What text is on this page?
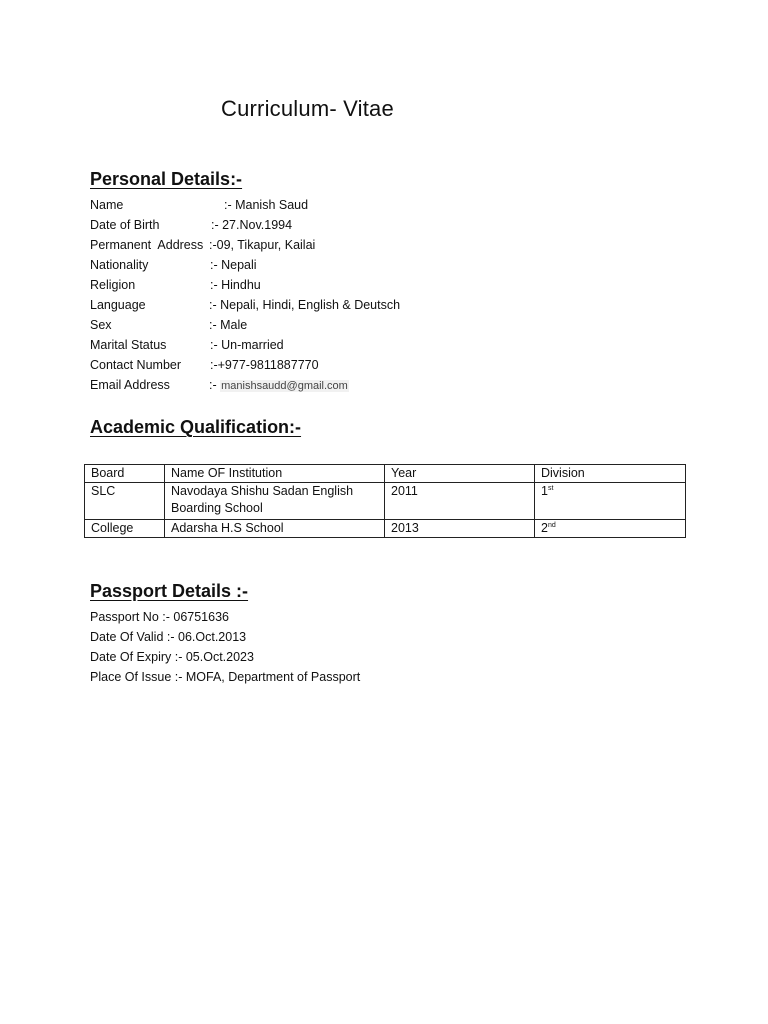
Curriculum- Vitae
Personal Details:-
Name	:- Manish Saud
Date of Birth	:- 27.Nov.1994
Permanent  Address :-09, Tikapur, Kailai
Nationality	:- Nepali
Religion	:- Hindhu
Language	:- Nepali, Hindi, English & Deutsch
Sex	:- Male
Marital Status	:- Un-married
Contact Number :-+977-9811887770
Email Address	:- manishsaudd@gmail.com
Academic Qualification:-
Board	Name OF Institution	Year	Division
SLC	Navodaya Shishu Sadan English Boarding School	2011	1st
College	Adarsha H.S School	2013	2nd
Passport Details :-
Passport No :- 06751636
Date Of Valid :- 06.Oct.2013
Date Of Expiry :- 05.Oct.2023
Place Of Issue :- MOFA, Department of Passport
